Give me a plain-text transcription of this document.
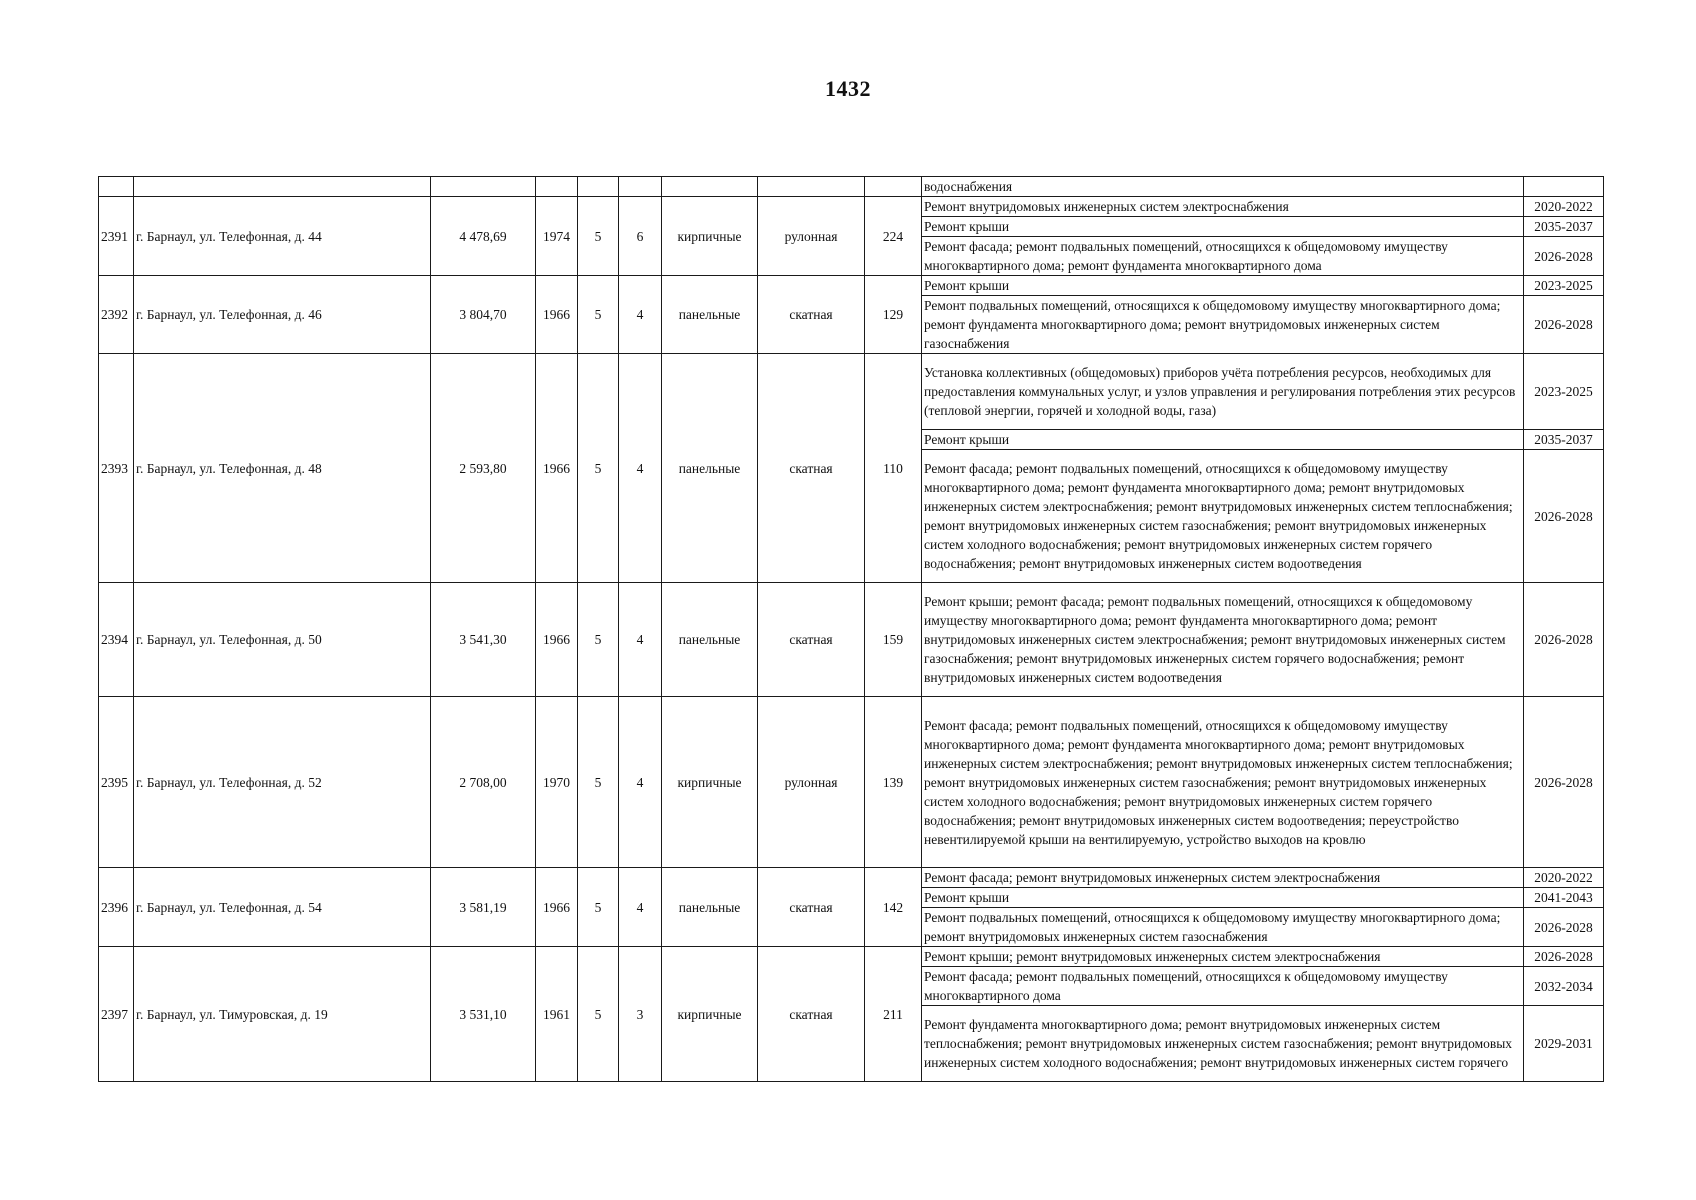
1432
									водоснабжения	
2391	г. Барнаул, ул. Телефонная, д. 44	4 478,69	1974	5	6	кирпичные	рулонная	224	Ремонт внутридомовых инженерных систем электроснабжения	2020-2022
									Ремонт крыши	2035-2037
									Ремонт фасада; ремонт подвальных помещений, относящихся к общедомовому имуществу многоквартирного дома; ремонт фундамента многоквартирного дома	2026-2028
2392	г. Барнаул, ул. Телефонная, д. 46	3 804,70	1966	5	4	панельные	скатная	129	Ремонт крыши	2023-2025
									Ремонт подвальных помещений, относящихся к общедомовому имуществу многоквартирного дома; ремонт фундамента многоквартирного дома; ремонт внутридомовых инженерных систем газоснабжения	2026-2028
2393	г. Барнаул, ул. Телефонная, д. 48	2 593,80	1966	5	4	панельные	скатная	110	Установка коллективных (общедомовых) приборов учёта потребления ресурсов, необходимых для предоставления коммунальных услуг, и узлов управления и регулирования потребления этих ресурсов (тепловой энергии, горячей и холодной воды, газа)	2023-2025
									Ремонт крыши	2035-2037
									Ремонт фасада; ремонт подвальных помещений, относящихся к общедомовому имуществу многоквартирного дома; ремонт фундамента многоквартирного дома; ремонт внутридомовых инженерных систем электроснабжения; ремонт внутридомовых инженерных систем теплоснабжения; ремонт внутридомовых инженерных систем газоснабжения; ремонт внутридомовых инженерных систем холодного водоснабжения; ремонт внутридомовых инженерных систем горячего водоснабжения; ремонт внутридомовых инженерных систем водоотведения	2026-2028
2394	г. Барнаул, ул. Телефонная, д. 50	3 541,30	1966	5	4	панельные	скатная	159	Ремонт крыши; ремонт фасада; ремонт подвальных помещений, относящихся к общедомовому имуществу многоквартирного дома; ремонт фундамента многоквартирного дома; ремонт внутридомовых инженерных систем электроснабжения; ремонт внутридомовых инженерных систем газоснабжения; ремонт внутридомовых инженерных систем горячего водоснабжения; ремонт внутридомовых инженерных систем водоотведения	2026-2028
2395	г. Барнаул, ул. Телефонная, д. 52	2 708,00	1970	5	4	кирпичные	рулонная	139	Ремонт фасада; ремонт подвальных помещений, относящихся к общедомовому имуществу многоквартирного дома; ремонт фундамента многоквартирного дома; ремонт внутридомовых инженерных систем электроснабжения; ремонт внутридомовых инженерных систем теплоснабжения; ремонт внутридомовых инженерных систем газоснабжения; ремонт внутридомовых инженерных систем холодного водоснабжения; ремонт внутридомовых инженерных систем горячего водоснабжения; ремонт внутридомовых инженерных систем водоотведения; переустройство невентилируемой крыши на вентилируемую, устройство выходов на кровлю	2026-2028
2396	г. Барнаул, ул. Телефонная, д. 54	3 581,19	1966	5	4	панельные	скатная	142	Ремонт фасада; ремонт внутридомовых инженерных систем электроснабжения	2020-2022
									Ремонт крыши	2041-2043
									Ремонт подвальных помещений, относящихся к общедомовому имуществу многоквартирного дома; ремонт внутридомовых инженерных систем газоснабжения	2026-2028
2397	г. Барнаул, ул. Тимуровская, д. 19	3 531,10	1961	5	3	кирпичные	скатная	211	Ремонт крыши; ремонт внутридомовых инженерных систем электроснабжения	2026-2028
									Ремонт фасада; ремонт подвальных помещений, относящихся к общедомовому имуществу многоквартирного дома	2032-2034
									Ремонт фундамента многоквартирного дома; ремонт внутридомовых инженерных систем теплоснабжения; ремонт внутридомовых инженерных систем газоснабжения; ремонт внутридомовых инженерных систем холодного водоснабжения; ремонт внутридомовых инженерных систем горячего	2029-2031
